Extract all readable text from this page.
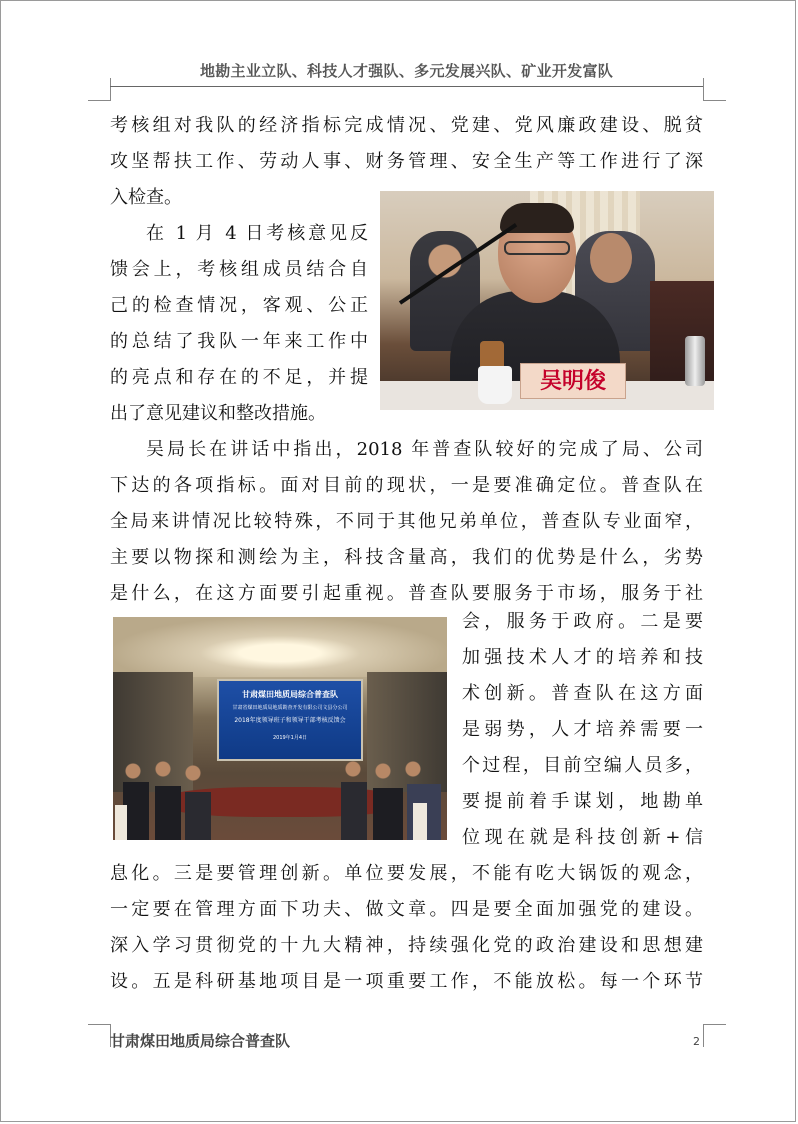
地勘主业立队、科技人才强队、多元发展兴队、矿业开发富队
考核组对我队的经济指标完成情况、党建、党风廉政建设、脱贫
攻坚帮扶工作、劳动人事、财务管理、安全生产等工作进行了深
入检查。
在 1 月 4 日考核意见反
馈会上，考核组成员结合自
己的检查情况，客观、公正
的总结了我队一年来工作中
的亮点和存在的不足，并提
出了意见建议和整改措施。
吴明俊
吴局长在讲话中指出，2018 年普查队较好的完成了局、公司
下达的各项指标。面对目前的现状，一是要准确定位。普查队在
全局来讲情况比较特殊，不同于其他兄弟单位，普查队专业面窄，
主要以物探和测绘为主，科技含量高，我们的优势是什么，劣势
是什么，在这方面要引起重视。普查队要服务于市场，服务于社
甘肃煤田地质局综合普查队
甘肃省煤田地质局地质勘查开发有限公司文县分公司
2018年度领导班子和领导干部考核反馈会
2019年1月4日
会，服务于政府。二是要
加强技术人才的培养和技
术创新。普查队在这方面
是弱势，人才培养需要一
个过程，目前空编人员多，
要提前着手谋划，地勘单
位现在就是科技创新+信
息化。三是要管理创新。单位要发展，不能有吃大锅饭的观念，
一定要在管理方面下功夫、做文章。四是要全面加强党的建设。
深入学习贯彻党的十九大精神，持续强化党的政治建设和思想建
设。五是科研基地项目是一项重要工作，不能放松。每一个环节
甘肃煤田地质局综合普查队	2
